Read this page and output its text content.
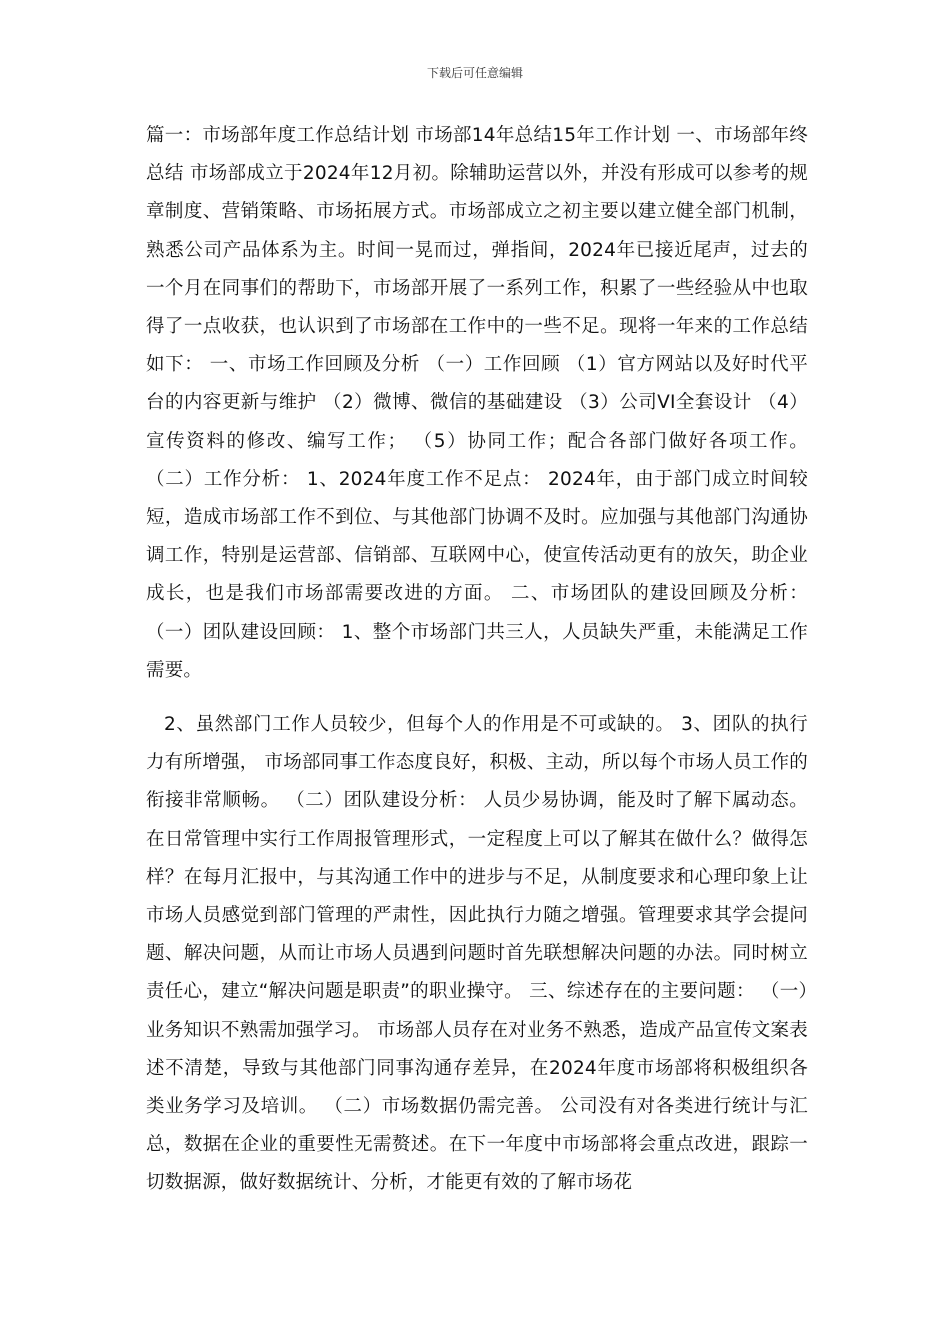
下载后可任意编辑
篇一：市场部年度工作总结计划 市场部14年总结15年工作计划 一、市场部年终总结 市场部成立于2024年12月初。除辅助运营以外，并没有形成可以参考的规章制度、营销策略、市场拓展方式。市场部成立之初主要以建立健全部门机制，熟悉公司产品体系为主。时间一晃而过，弹指间，2024年已接近尾声，过去的一个月在同事们的帮助下，市场部开展了一系列工作，积累了一些经验从中也取得了一点收获，也认识到了市场部在工作中的一些不足。现将一年来的工作总结如下： 一、市场工作回顾及分析 （一）工作回顾 （1）官方网站以及好时代平台的内容更新与维护 （2）微博、微信的基础建设 （3）公司VI全套设计 （4）宣传资料的修改、编写工作； （5）协同工作；配合各部门做好各项工作。 （二）工作分析： 1、2024年度工作不足点： 2024年，由于部门成立时间较短，造成市场部工作不到位、与其他部门协调不及时。应加强与其他部门沟通协调工作，特别是运营部、信销部、互联网中心，使宣传活动更有的放矢，助企业成长，也是我们市场部需要改进的方面。 二、市场团队的建设回顾及分析： （一）团队建设回顾： 1、整个市场部门共三人，人员缺失严重，未能满足工作需要。
2、虽然部门工作人员较少，但每个人的作用是不可或缺的。 3、团队的执行力有所增强， 市场部同事工作态度良好，积极、主动，所以每个市场人员工作的衔接非常顺畅。 （二）团队建设分析： 人员少易协调，能及时了解下属动态。在日常管理中实行工作周报管理形式，一定程度上可以了解其在做什么？做得怎样？在每月汇报中，与其沟通工作中的进步与不足，从制度要求和心理印象上让市场人员感觉到部门管理的严肃性，因此执行力随之增强。管理要求其学会提问题、解决问题，从而让市场人员遇到问题时首先联想解决问题的办法。同时树立责任心，建立“解决问题是职责”的职业操守。 三、综述存在的主要问题： （一）业务知识不熟需加强学习。 市场部人员存在对业务不熟悉，造成产品宣传文案表述不清楚，导致与其他部门同事沟通存差异，在2024年度市场部将积极组织各类业务学习及培训。 （二）市场数据仍需完善。 公司没有对各类进行统计与汇总，数据在企业的重要性无需赘述。在下一年度中市场部将会重点改进，跟踪一切数据源，做好数据统计、分析，才能更有效的了解市场花
